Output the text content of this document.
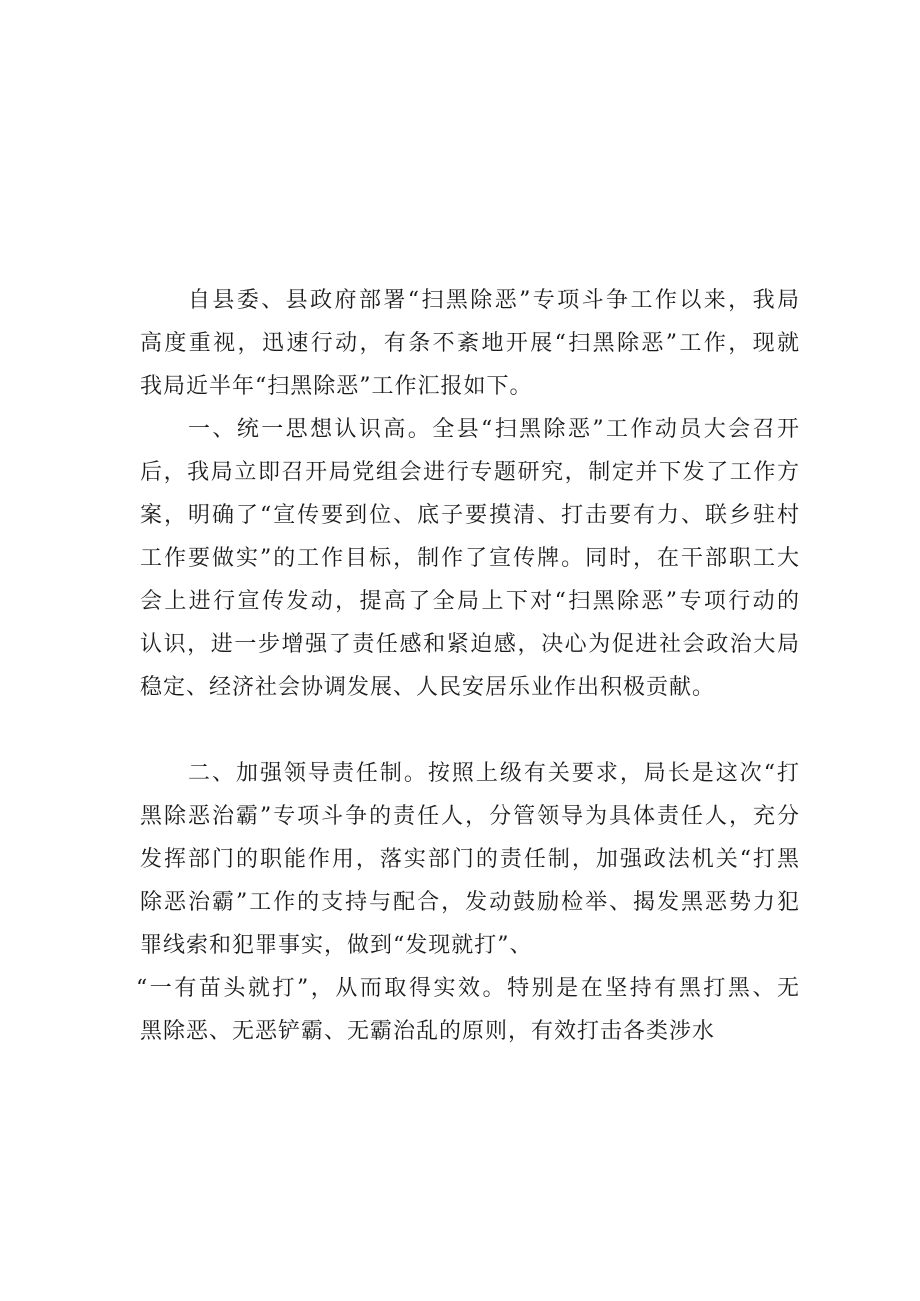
自县委、县政府部署“扫黑除恶”专项斗争工作以来，我局
高度重视，迅速行动，有条不紊地开展“扫黑除恶”工作，现就
我局近半年“扫黑除恶”工作汇报如下。
一、统一思想认识高。全县“扫黑除恶”工作动员大会召开
后，我局立即召开局党组会进行专题研究，制定并下发了工作方
案，明确了“宣传要到位、底子要摸清、打击要有力、联乡驻村
工作要做实”的工作目标，制作了宣传牌。同时，在干部职工大
会上进行宣传发动，提高了全局上下对“扫黑除恶”专项行动的
认识，进一步增强了责任感和紧迫感，决心为促进社会政治大局
稳定、经济社会协调发展、人民安居乐业作出积极贡献。
二、加强领导责任制。按照上级有关要求，局长是这次“打
黑除恶治霸”专项斗争的责任人，分管领导为具体责任人，充分
发挥部门的职能作用，落实部门的责任制，加强政法机关“打黑
除恶治霸”工作的支持与配合，发动鼓励检举、揭发黑恶势力犯
罪线索和犯罪事实，做到“发现就打”、
“一有苗头就打”，从而取得实效。特别是在坚持有黑打黑、无
黑除恶、无恶铲霸、无霸治乱的原则，有效打击各类涉水
